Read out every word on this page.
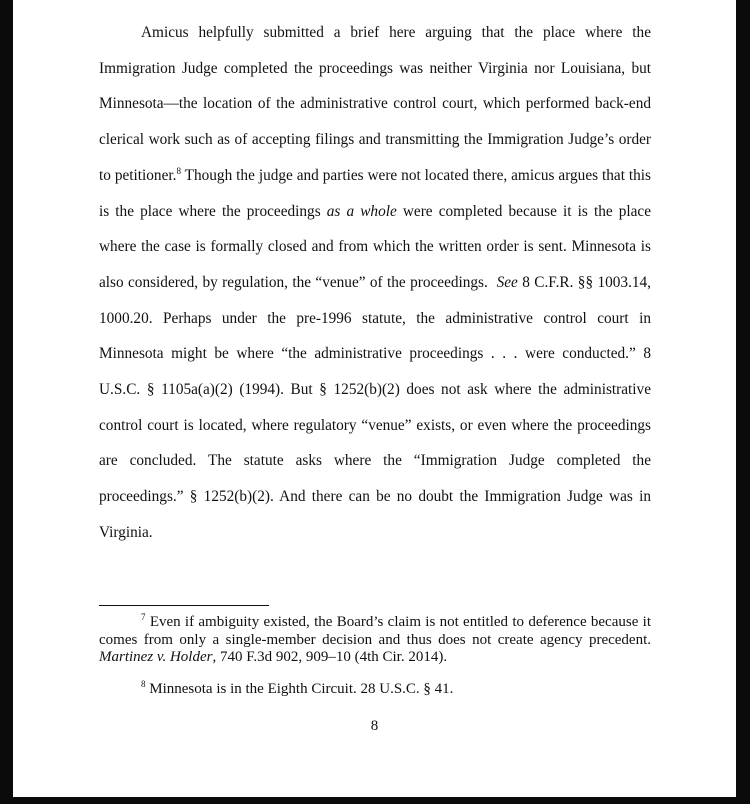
Amicus helpfully submitted a brief here arguing that the place where the Immigration Judge completed the proceedings was neither Virginia nor Louisiana, but Minnesota—the location of the administrative control court, which performed back-end clerical work such as of accepting filings and transmitting the Immigration Judge’s order to petitioner.$^8$ Though the judge and parties were not located there, amicus argues that this is the place where the proceedings as a whole were completed because it is the place where the case is formally closed and from which the written order is sent. Minnesota is also considered, by regulation, the “venue” of the proceedings. See 8 C.F.R. §§ 1003.14, 1000.20. Perhaps under the pre-1996 statute, the administrative control court in Minnesota might be where “the administrative proceedings . . . were conducted.” 8 U.S.C. § 1105a(a)(2) (1994). But § 1252(b)(2) does not ask where the administrative control court is located, where regulatory “venue” exists, or even where the proceedings are concluded. The statute asks where the “Immigration Judge completed the proceedings.” § 1252(b)(2). And there can be no doubt the Immigration Judge was in Virginia.

$^7$ Even if ambiguity existed, the Board’s claim is not entitled to deference because it comes from only a single-member decision and thus does not create agency precedent. Martinez v. Holder, 740 F.3d 902, 909–10 (4th Cir. 2014).
$^8$ Minnesota is in the Eighth Circuit. 28 U.S.C. § 41.
8
